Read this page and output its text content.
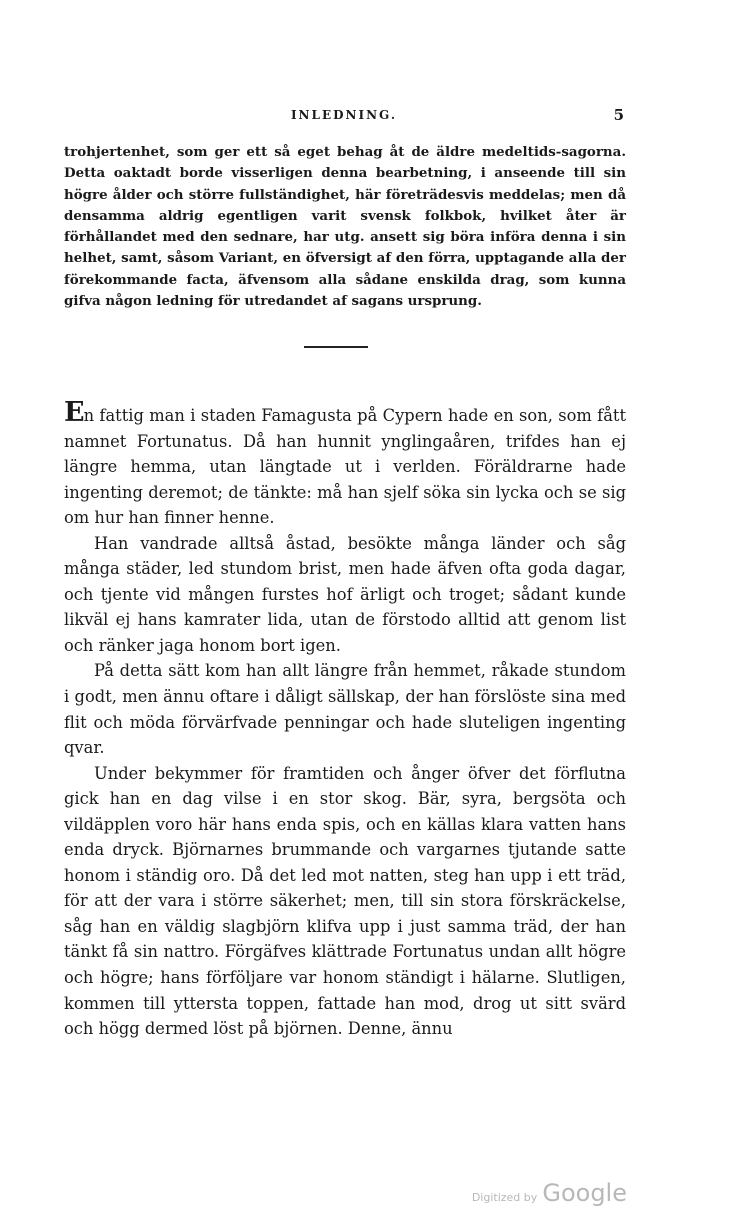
INLEDNING.	5

trohjertenhet, som ger ett så eget behag åt de äldre medeltids-sagorna. Detta oaktadt borde visserligen denna bearbetning, i anseende till sin högre ålder och större fullständighet, här företrädesvis meddelas; men då densamma aldrig egentligen varit svensk folkbok, hvilket åter är förhållandet med den sednare, har utg. ansett sig böra införa denna i sin helhet, samt, såsom Variant, en öfversigt af den förra, upptagande alla der förekommande facta, äfvensom alla sådane enskilda drag, som kunna gifva någon ledning för utredandet af sagans ursprung.

En fattig man i staden Famagusta på Cypern hade en son, som fått namnet Fortunatus. Då han hunnit ynglingaåren, trifdes han ej längre hemma, utan längtade ut i verlden. Föräldrarne hade ingenting deremot; de tänkte: må han sjelf söka sin lycka och se sig om hur han finner henne.

Han vandrade alltså åstad, besökte många länder och såg många städer, led stundom brist, men hade äfven ofta goda dagar, och tjente vid mången furstes hof ärligt och troget; sådant kunde likväl ej hans kamrater lida, utan de förstodo alltid att genom list och ränker jaga honom bort igen.

På detta sätt kom han allt längre från hemmet, råkade stundom i godt, men ännu oftare i dåligt sällskap, der han förslöste sina med flit och möda förvärfvade penningar och hade sluteligen ingenting qvar.

Under bekymmer för framtiden och ånger öfver det förflutna gick han en dag vilse i en stor skog. Bär, syra, bergsöta och vildäpplen voro här hans enda spis, och en källas klara vatten hans enda dryck. Björnarnes brummande och vargarnes tjutande satte honom i ständig oro. Då det led mot natten, steg han upp i ett träd, för att der vara i större säkerhet; men, till sin stora förskräckelse, såg han en väldig slagbjörn klifva upp i just samma träd, der han tänkt få sin nattro. Förgäfves klättrade Fortunatus undan allt högre och högre; hans förföljare var honom ständigt i hälarne. Slutligen, kommen till yttersta toppen, fattade han mod, drog ut sitt svärd och högg dermed löst på björnen. Denne, ännu

Digitized by Google
